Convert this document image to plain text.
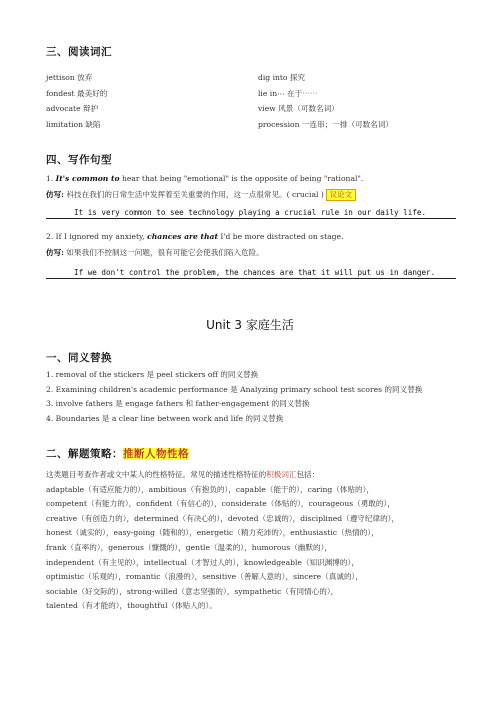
三、阅读词汇
jettison 放弃	dig into 探究
fondest 最美好的	lie in⋯ 在于⋯⋯
advocate 辩护	view 风景（可数名词）
limitation 缺陷	procession 一连串；一排（可数名词）
四、写作句型
1. It's common to hear that being "emotional" is the opposite of being "rational".
仿写: 科技在我们的日常生活中发挥着至关重要的作用，这一点很常见。( crucial ) 议论文
It is very common to see technology playing a crucial rule in our daily life.
2. If I ignored my anxiety, chances are that I'd be more distracted on stage.
仿写: 如果我们不控制这一问题，很有可能它会使我们陷入危险。
If we don't control the problem, the chances are that it will put us in danger.
Unit 3 家庭生活
一、同义替换
1. removal of the stickers 是 peel stickers off 的同义替换
2. Examining children's academic performance 是 Analyzing primary school test scores 的同义替换
3. involve fathers 是 engage fathers 和 father-engagement 的同义替换
4. Boundaries 是 a clear line between work and life 的同义替换
二、解题策略：推断人物性格
这类题目考查作者或文中某人的性格特征。常见的描述性格特征的积极词汇包括：
adaptable（有适应能力的），ambitious（有抱负的），capable（能干的），caring（体贴的），
competent（有能力的），confident（有信心的），considerate（体贴的），courageous（勇敢的），
creative（有创造力的），determined（有决心的），devoted（忠诚的），disciplined（遵守纪律的），
honest（诚实的），easy-going（随和的），energetic（精力充沛的），enthusiastic（热情的），
frank（直率的），generous（慷慨的），gentle（温柔的），humorous（幽默的），
independent（有主见的），intellectual（才智过人的），knowledgeable（知识渊博的），
optimistic（乐观的），romantic（浪漫的），sensitive（善解人意的），sincere（真诚的），
sociable（好交际的），strong-willed（意志坚强的），sympathetic（有同情心的），
talented（有才能的），thoughtful（体贴人的）。
